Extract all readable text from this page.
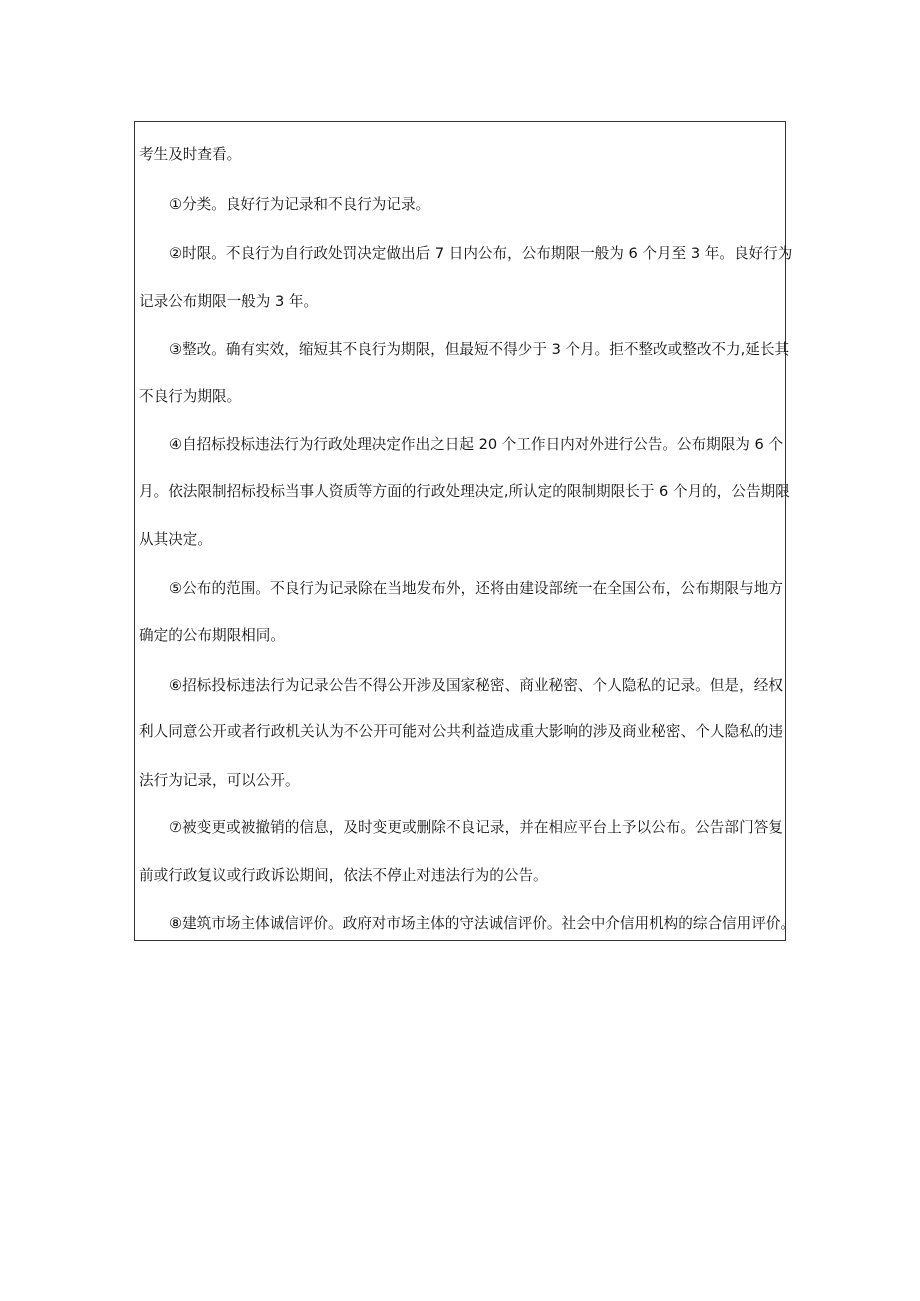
考生及时查看。
①分类。良好行为记录和不良行为记录。
②时限。不良行为自行政处罚决定做出后 7 日内公布，公布期限一般为 6 个月至 3 年。良好行为
记录公布期限一般为 3 年。
③整改。确有实效，缩短其不良行为期限，但最短不得少于 3 个月。拒不整改或整改不力,延长其
不良行为期限。
④自招标投标违法行为行政处理决定作出之日起 20 个工作日内对外进行公告。公布期限为 6 个
月。依法限制招标投标当事人资质等方面的行政处理决定,所认定的限制期限长于 6 个月的，公告期限
从其决定。
⑤公布的范围。不良行为记录除在当地发布外，还将由建设部统一在全国公布，公布期限与地方
确定的公布期限相同。
⑥招标投标违法行为记录公告不得公开涉及国家秘密、商业秘密、个人隐私的记录。但是，经权
利人同意公开或者行政机关认为不公开可能对公共利益造成重大影响的涉及商业秘密、个人隐私的违
法行为记录，可以公开。
⑦被变更或被撤销的信息，及时变更或删除不良记录，并在相应平台上予以公布。公告部门答复
前或行政复议或行政诉讼期间，依法不停止对违法行为的公告。
⑧建筑市场主体诚信评价。政府对市场主体的守法诚信评价。社会中介信用机构的综合信用评价。
